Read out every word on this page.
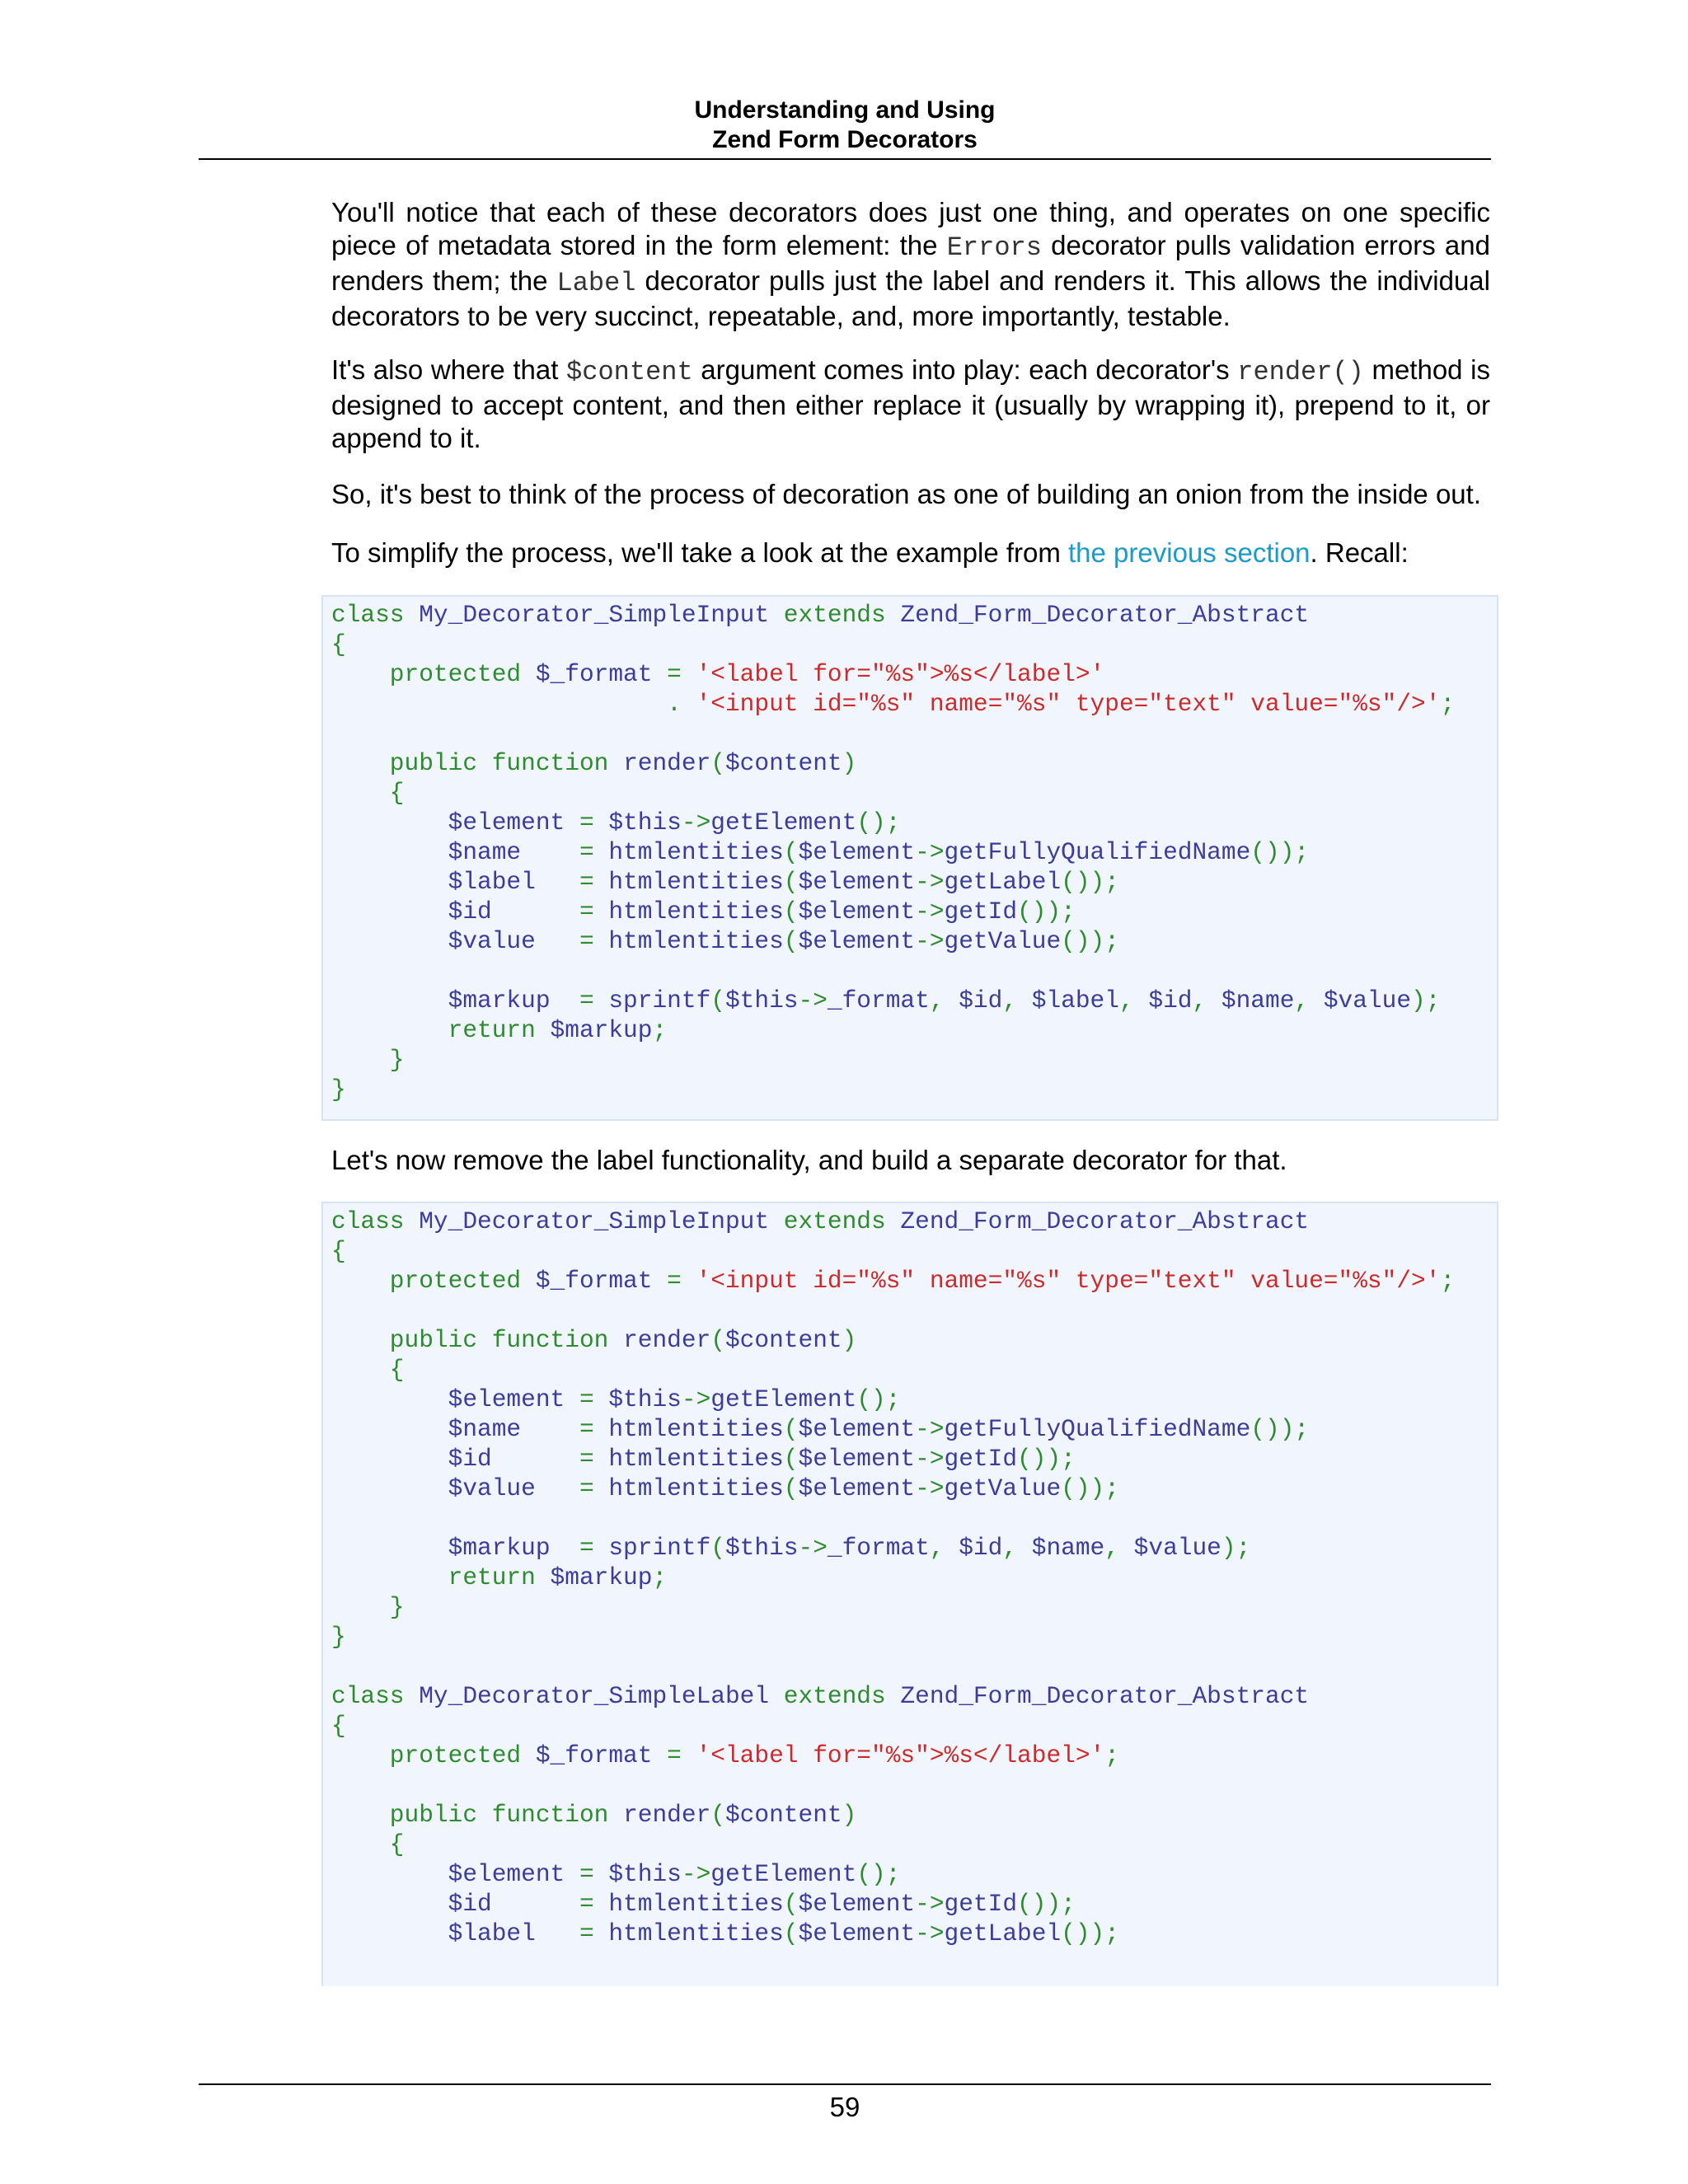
Understanding and Using
Zend Form Decorators

You'll notice that each of these decorators does just one thing, and operates on one specific piece of metadata stored in the form element: the Errors decorator pulls validation errors and renders them; the Label decorator pulls just the label and renders it. This allows the individual decorators to be very succinct, repeatable, and, more importantly, testable.

It's also where that $content argument comes into play: each decorator's render() method is designed to accept content, and then either replace it (usually by wrapping it), prepend to it, or append to it.

So, it's best to think of the process of decoration as one of building an onion from the inside out.

To simplify the process, we'll take a look at the example from the previous section. Recall:

class My_Decorator_SimpleInput extends Zend_Form_Decorator_Abstract
{
protected $_format = '<label for="%s">%s</label>'
. '<input id="%s" name="%s" type="text" value="%s"/>';

public function render($content)
{
$element = $this->getElement();
$name    = htmlentities($element->getFullyQualifiedName());
$label   = htmlentities($element->getLabel());
$id      = htmlentities($element->getId());
$value   = htmlentities($element->getValue());

$markup  = sprintf($this->_format, $id, $label, $id, $name, $value);
return $markup;
}
}

Let's now remove the label functionality, and build a separate decorator for that.

class My_Decorator_SimpleInput extends Zend_Form_Decorator_Abstract
{
protected $_format = '<input id="%s" name="%s" type="text" value="%s"/>';

public function render($content)
{
$element = $this->getElement();
$name    = htmlentities($element->getFullyQualifiedName());
$id      = htmlentities($element->getId());
$value   = htmlentities($element->getValue());

$markup  = sprintf($this->_format, $id, $name, $value);
return $markup;
}
}

class My_Decorator_SimpleLabel extends Zend_Form_Decorator_Abstract
{
protected $_format = '<label for="%s">%s</label>';

public function render($content)
{
$element = $this->getElement();
$id      = htmlentities($element->getId());
$label   = htmlentities($element->getLabel());
59
